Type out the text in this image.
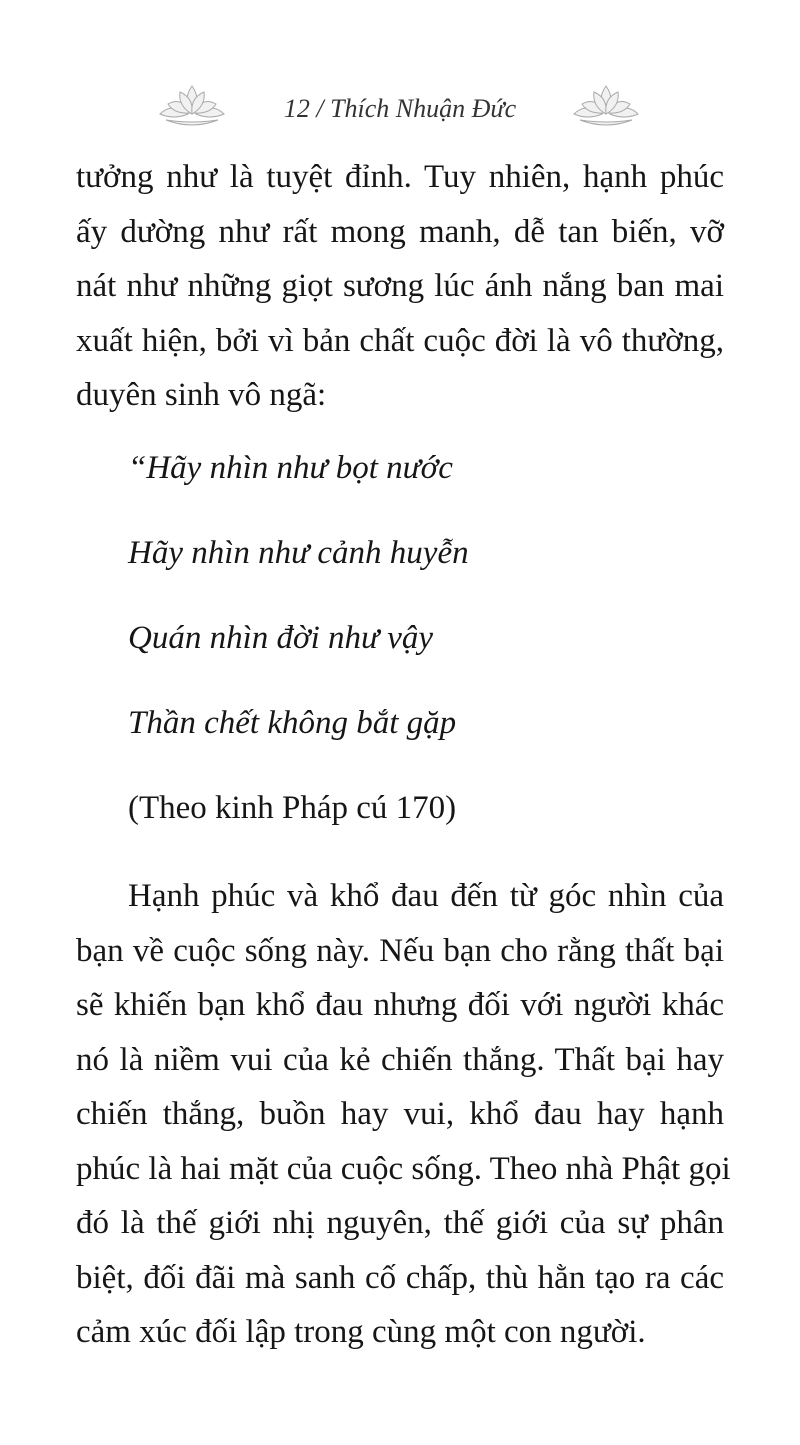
12 / Thích Nhuận Đức

tưởng như là tuyệt đỉnh. Tuy nhiên, hạnh phúc
ấy dường như rất mong manh, dễ tan biến, vỡ
nát như những giọt sương lúc ánh nắng ban mai
xuất hiện, bởi vì bản chất cuộc đời là vô thường,
duyên sinh vô ngã:

“Hãy nhìn như bọt nước

Hãy nhìn như cảnh huyễn

Quán nhìn đời như vậy

Thần chết không bắt gặp

(Theo kinh Pháp cú 170)

Hạnh phúc và khổ đau đến từ góc nhìn của
bạn về cuộc sống này. Nếu bạn cho rằng thất bại
sẽ khiến bạn khổ đau nhưng đối với người khác
nó là niềm vui của kẻ chiến thắng. Thất bại hay
chiến thắng, buồn hay vui, khổ đau hay hạnh
phúc là hai mặt của cuộc sống. Theo nhà Phật gọi
đó là thế giới nhị nguyên, thế giới của sự phân
biệt, đối đãi mà sanh cố chấp, thù hằn tạo ra các
cảm xúc đối lập trong cùng một con người.
